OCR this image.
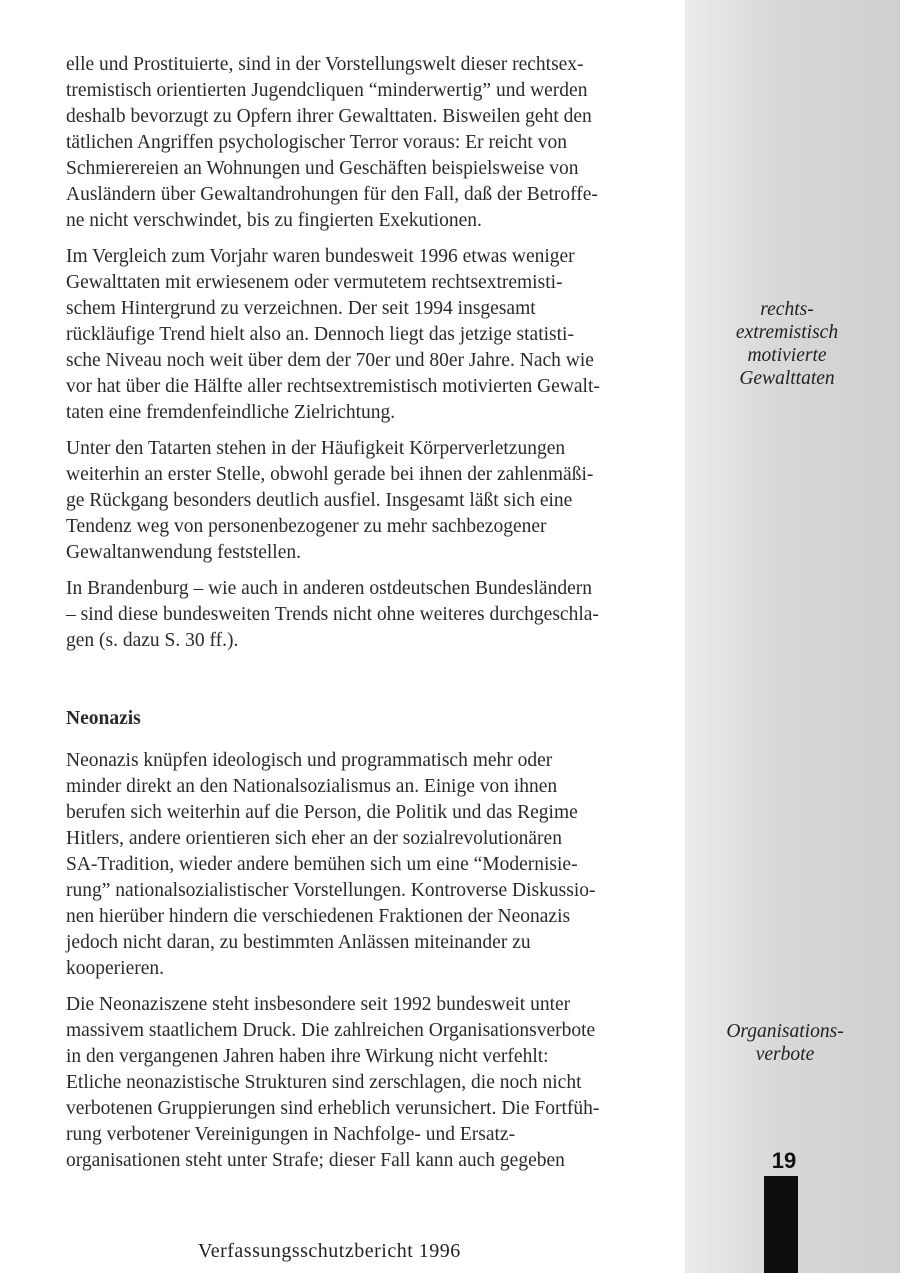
elle und Prostituierte, sind in der Vorstellungswelt dieser rechtsex-
tremistisch orientierten Jugendcliquen “minderwertig” und werden
deshalb bevorzugt zu Opfern ihrer Gewalttaten. Bisweilen geht den
tätlichen Angriffen psychologischer Terror voraus: Er reicht von
Schmierereien an Wohnungen und Geschäften beispielsweise von
Ausländern über Gewaltandrohungen für den Fall, daß der Betroffe-
ne nicht verschwindet, bis zu fingierten Exekutionen.

Im Vergleich zum Vorjahr waren bundesweit 1996 etwas weniger
Gewalttaten mit erwiesenem oder vermutetem rechtsextremisti-
schem Hintergrund zu verzeichnen. Der seit 1994 insgesamt
rückläufige Trend hielt also an. Dennoch liegt das jetzige statisti-
sche Niveau noch weit über dem der 70er und 80er Jahre. Nach wie
vor hat über die Hälfte aller rechtsextremistisch motivierten Gewalt-
taten eine fremdenfeindliche Zielrichtung.

Unter den Tatarten stehen in der Häufigkeit Körperverletzungen
weiterhin an erster Stelle, obwohl gerade bei ihnen der zahlenmäßi-
ge Rückgang besonders deutlich ausfiel. Insgesamt läßt sich eine
Tendenz weg von personenbezogener zu mehr sachbezogener
Gewaltanwendung feststellen.

In Brandenburg – wie auch in anderen ostdeutschen Bundesländern
– sind diese bundesweiten Trends nicht ohne weiteres durchgeschla-
gen (s. dazu S. 30 ff.).

Neonazis

Neonazis knüpfen ideologisch und programmatisch mehr oder
minder direkt an den Nationalsozialismus an. Einige von ihnen
berufen sich weiterhin auf die Person, die Politik und das Regime
Hitlers, andere orientieren sich eher an der sozialrevolutionären
SA-Tradition, wieder andere bemühen sich um eine “Modernisie-
rung” nationalsozialistischer Vorstellungen. Kontroverse Diskussio-
nen hierüber hindern die verschiedenen Fraktionen der Neonazis
jedoch nicht daran, zu bestimmten Anlässen miteinander zu
kooperieren.

Die Neonaziszene steht insbesondere seit 1992 bundesweit unter
massivem staatlichem Druck. Die zahlreichen Organisationsverbote
in den vergangenen Jahren haben ihre Wirkung nicht verfehlt:
Etliche neonazistische Strukturen sind zerschlagen, die noch nicht
verbotenen Gruppierungen sind erheblich verunsichert. Die Fortfüh-
rung verbotener Vereinigungen in Nachfolge- und Ersatz-
organisationen steht unter Strafe; dieser Fall kann auch gegeben

rechts-
extremistisch
motivierte
Gewalttaten
Organisations-
verbote
19
Verfassungsschutzbericht 1996
